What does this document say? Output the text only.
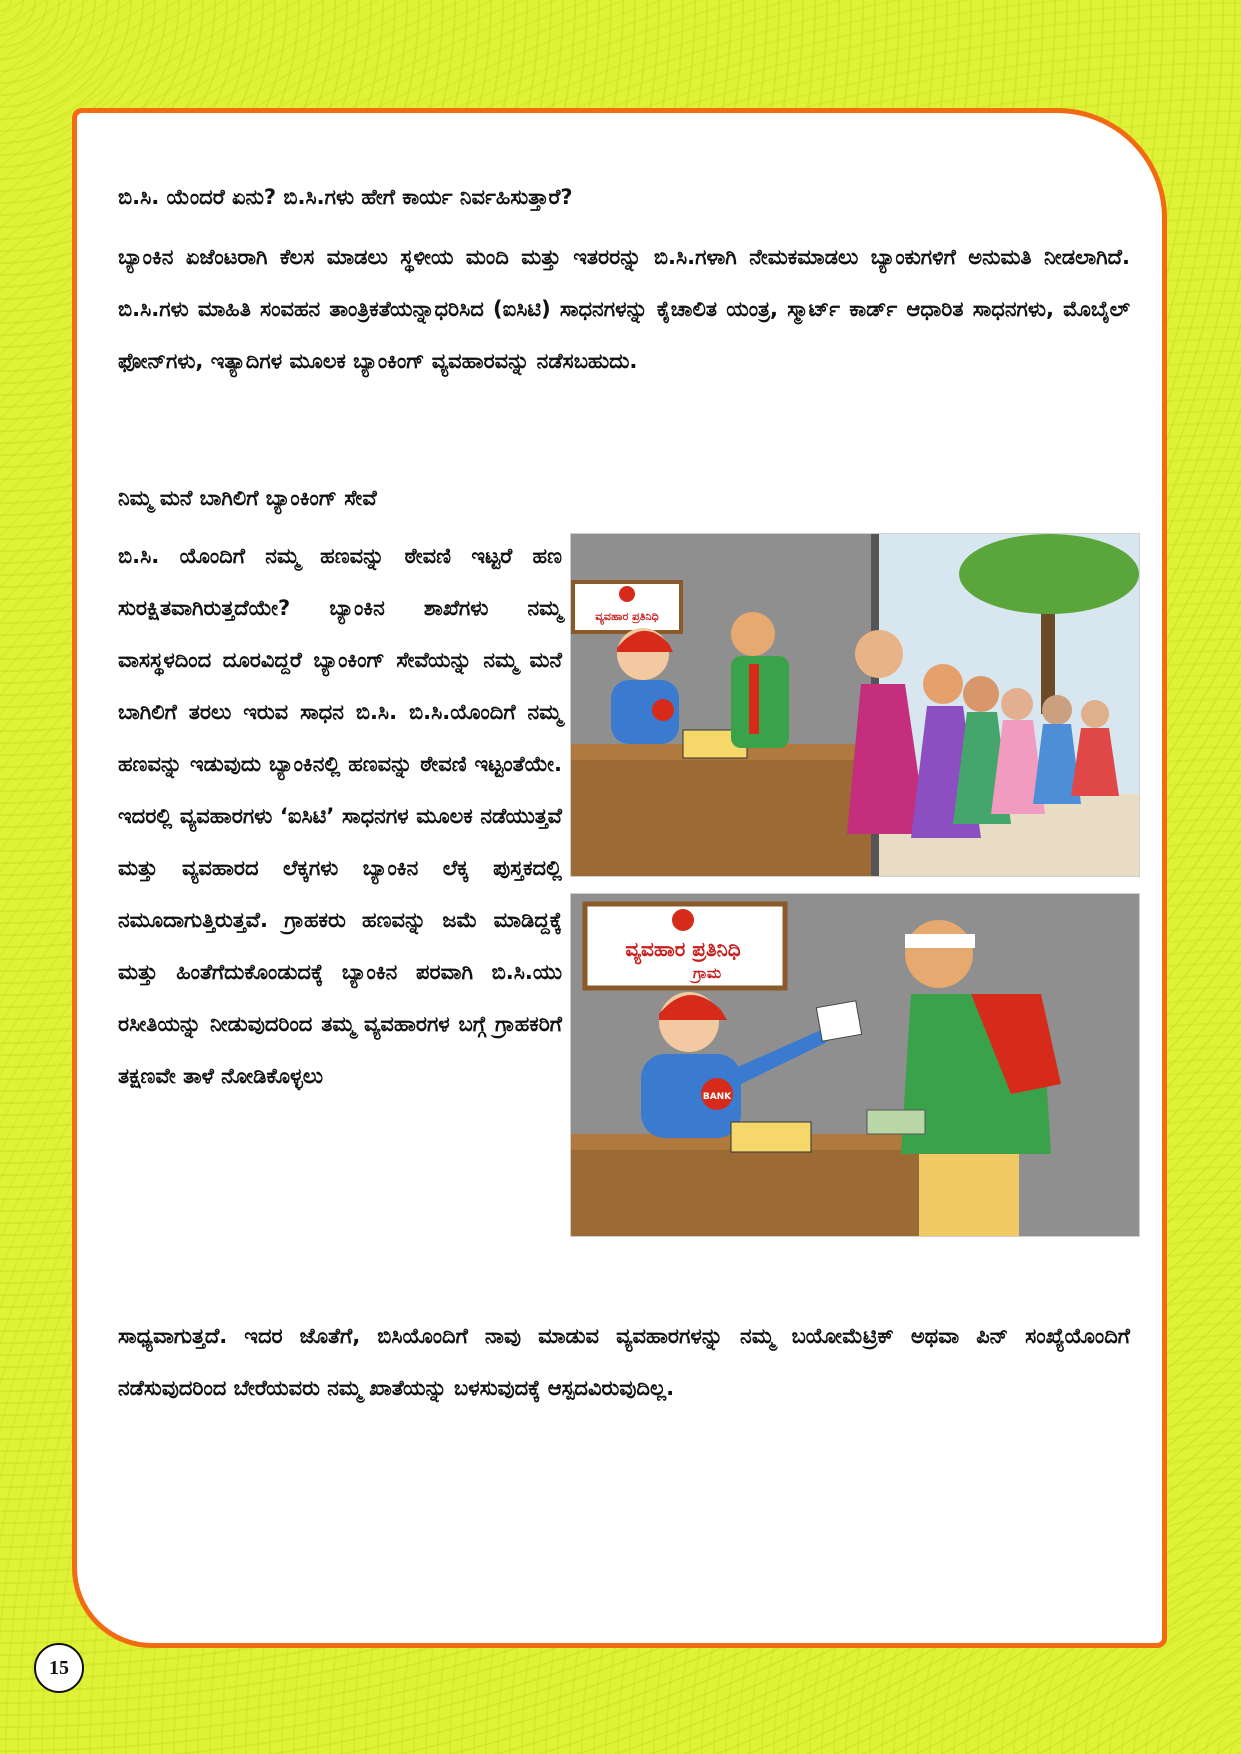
ಬಿ.ಸಿ. ಯೆಂದರೆ ಏನು? ಬಿ.ಸಿ.ಗಳು ಹೇಗೆ ಕಾರ್ಯ ನಿರ್ವಹಿಸುತ್ತಾರೆ?

ಬ್ಯಾಂಕಿನ ಏಜೆಂಟರಾಗಿ ಕೆಲಸ ಮಾಡಲು ಸ್ಥಳೀಯ ಮಂದಿ ಮತ್ತು ಇತರರನ್ನು ಬಿ.ಸಿ.ಗಳಾಗಿ ನೇಮಕಮಾಡಲು ಬ್ಯಾಂಕುಗಳಿಗೆ ಅನುಮತಿ ನೀಡಲಾಗಿದೆ. ಬಿ.ಸಿ.ಗಳು ಮಾಹಿತಿ ಸಂವಹನ ತಾಂತ್ರಿಕತೆಯನ್ನಾಧರಿಸಿದ (ಐಸಿಟಿ) ಸಾಧನಗಳನ್ನು ಕೈಚಾಲಿತ ಯಂತ್ರ, ಸ್ಮಾರ್ಟ್ ಕಾರ್ಡ್ ಆಧಾರಿತ ಸಾಧನಗಳು, ಮೊಬೈಲ್ ಫೋನ್‌ಗಳು, ಇತ್ಯಾದಿಗಳ ಮೂಲಕ ಬ್ಯಾಂಕಿಂಗ್ ವ್ಯವಹಾರವನ್ನು ನಡೆಸಬಹುದು.

ನಿಮ್ಮ ಮನೆ ಬಾಗಿಲಿಗೆ ಬ್ಯಾಂಕಿಂಗ್ ಸೇವೆ

ಬಿ.ಸಿ. ಯೊಂದಿಗೆ ನಮ್ಮ ಹಣವನ್ನು ಠೇವಣಿ ಇಟ್ಟರೆ ಹಣ ಸುರಕ್ಷಿತವಾಗಿರುತ್ತದೆಯೇ? ಬ್ಯಾಂಕಿನ ಶಾಖೆಗಳು ನಮ್ಮ ವಾಸಸ್ಥಳದಿಂದ ದೂರವಿದ್ದರೆ ಬ್ಯಾಂಕಿಂಗ್ ಸೇವೆಯನ್ನು ನಮ್ಮ ಮನೆ ಬಾಗಿಲಿಗೆ ತರಲು ಇರುವ ಸಾಧನ ಬಿ.ಸಿ. ಬಿ.ಸಿ.ಯೊಂದಿಗೆ ನಮ್ಮ ಹಣವನ್ನು ಇಡುವುದು ಬ್ಯಾಂಕಿನಲ್ಲಿ ಹಣವನ್ನು ಠೇವಣಿ ಇಟ್ಟಂತೆಯೇ. ಇದರಲ್ಲಿ ವ್ಯವಹಾರಗಳು ‘ಐಸಿಟಿ’ ಸಾಧನಗಳ ಮೂಲಕ ನಡೆಯುತ್ತವೆ ಮತ್ತು ವ್ಯವಹಾರದ ಲೆಕ್ಕಗಳು ಬ್ಯಾಂಕಿನ ಲೆಕ್ಕ ಪುಸ್ತಕದಲ್ಲಿ ನಮೂದಾಗುತ್ತಿರುತ್ತವೆ. ಗ್ರಾಹಕರು ಹಣವನ್ನು ಜಮೆ ಮಾಡಿದ್ದಕ್ಕೆ ಮತ್ತು ಹಿಂತೆಗೆದುಕೊಂಡುದಕ್ಕೆ ಬ್ಯಾಂಕಿನ ಪರವಾಗಿ ಬಿ.ಸಿ.ಯು ರಸೀತಿಯನ್ನು ನೀಡುವುದರಿಂದ ತಮ್ಮ ವ್ಯವಹಾರಗಳ ಬಗ್ಗೆ ಗ್ರಾಹಕರಿಗೆ ತಕ್ಷಣವೇ ತಾಳೆ ನೋಡಿಕೊಳ್ಳಲು

ಸಾಧ್ಯವಾಗುತ್ತದೆ. ಇದರ ಜೊತೆಗೆ, ಬಿಸಿಯೊಂದಿಗೆ ನಾವು ಮಾಡುವ ವ್ಯವಹಾರಗಳನ್ನು ನಮ್ಮ ಬಯೋಮೆಟ್ರಿಕ್ ಅಥವಾ ಪಿನ್ ಸಂಖ್ಯೆಯೊಂದಿಗೆ ನಡೆಸುವುದರಿಂದ ಬೇರೆಯವರು ನಮ್ಮ ಖಾತೆಯನ್ನು ಬಳಸುವುದಕ್ಕೆ ಆಸ್ಪದವಿರುವುದಿಲ್ಲ.

ವ್ಯವಹಾರ ಪ್ರತಿನಿಧಿ
ವ್ಯವಹಾರ ಪ್ರತಿನಿಧಿ
ಗ್ರಾಮ
BANK
15
